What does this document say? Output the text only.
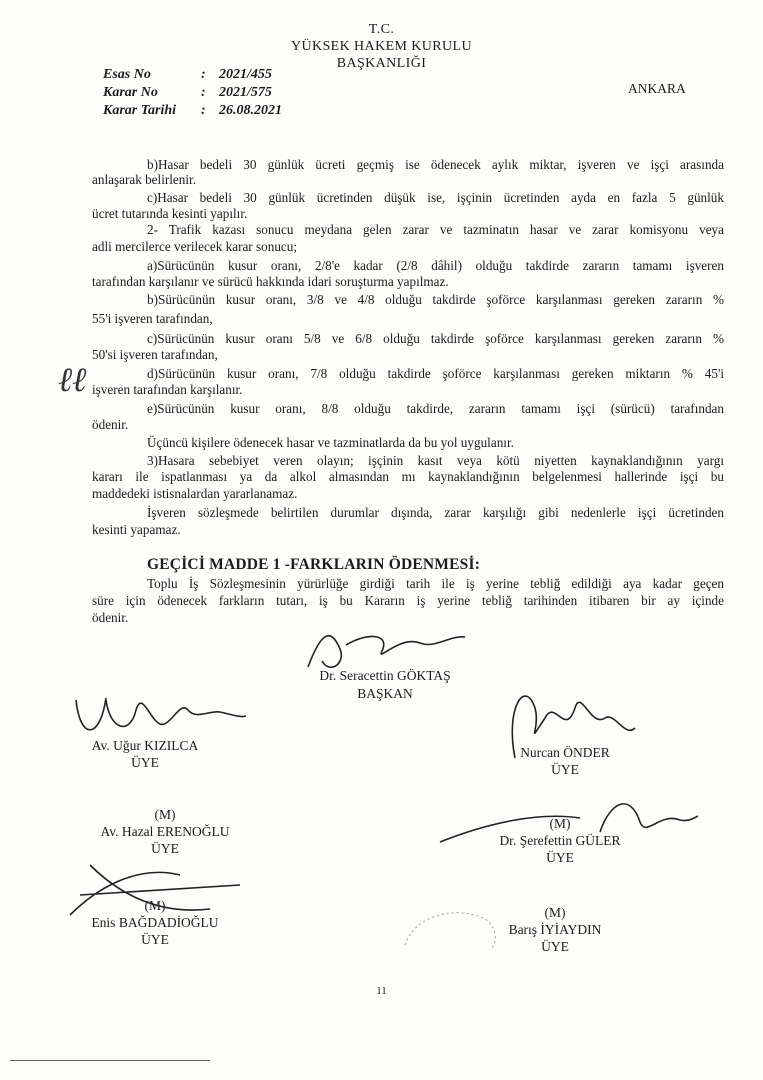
T.C.
YÜKSEK HAKEM KURULU
BAŞKANLIĞI
ANKARA
Esas No	: 2021/455
Karar No	: 2021/575
Karar Tarihi : 26.08.2021
b)Hasar bedeli 30 günlük ücreti geçmiş ise ödenecek aylık miktar, işveren ve işçi arasında
anlaşarak belirlenir.
c)Hasar bedeli 30 günlük ücretinden düşük ise, işçinin ücretinden ayda en fazla 5 günlük
ücret tutarında kesinti yapılır.
2- Trafik kazası sonucu meydana gelen zarar ve tazminatın hasar ve zarar komisyonu veya
adli mercilerce verilecek karar sonucu;
a)Sürücünün kusur oranı, 2/8'e kadar (2/8 dâhil) olduğu takdirde zararın tamamı işveren
tarafından karşılanır ve sürücü hakkında idari soruşturma yapılmaz.
b)Sürücünün kusur oranı, 3/8 ve 4/8 olduğu takdirde şoförce karşılanması gereken zararın %
55'i işveren tarafından,
c)Sürücünün kusur oranı 5/8 ve 6/8 olduğu takdirde şoförce karşılanması gereken zararın %
50'si işveren tarafından,
d)Sürücünün kusur oranı, 7/8 olduğu takdirde şoförce karşılanması gereken miktarın % 45'i
işveren tarafından karşılanır.
e)Sürücünün kusur oranı, 8/8 olduğu takdirde, zararın tamamı işçi (sürücü) tarafından
ödenir.
Üçüncü kişilere ödenecek hasar ve tazminatlarda da bu yol uygulanır.
3)Hasara sebebiyet veren olayın; işçinin kasıt veya kötü niyetten kaynaklandığının yargı
kararı ile ispatlanması ya da alkol almasından mı kaynaklandığının belgelenmesi hallerinde işçi bu
maddedeki istisnalardan yararlanamaz.
İşveren sözleşmede belirtilen durumlar dışında, zarar karşılığı gibi nedenlerle işçi ücretinden
kesinti yapamaz.
GEÇİCİ MADDE 1 -FARKLARIN ÖDENMESİ:
Toplu İş Sözleşmesinin yürürlüğe girdiği tarih ile iş yerine tebliğ edildiği aya kadar geçen
süre için ödenecek farkların tutarı, iş bu Kararın iş yerine tebliğ tarihinden itibaren bir ay içinde
ödenir.
ℓℓ
Dr. Seracettin GÖKTAŞ
BAŞKAN
Av. Uğur KIZILCA
ÜYE
Nurcan ÖNDER
ÜYE
(M)
Av. Hazal ERENOĞLU
ÜYE
(M)
Dr. Şerefettin GÜLER
ÜYE
(M)
Enis BAĞDADİOĞLU
ÜYE
(M)
Barış İYİAYDIN
ÜYE
11
